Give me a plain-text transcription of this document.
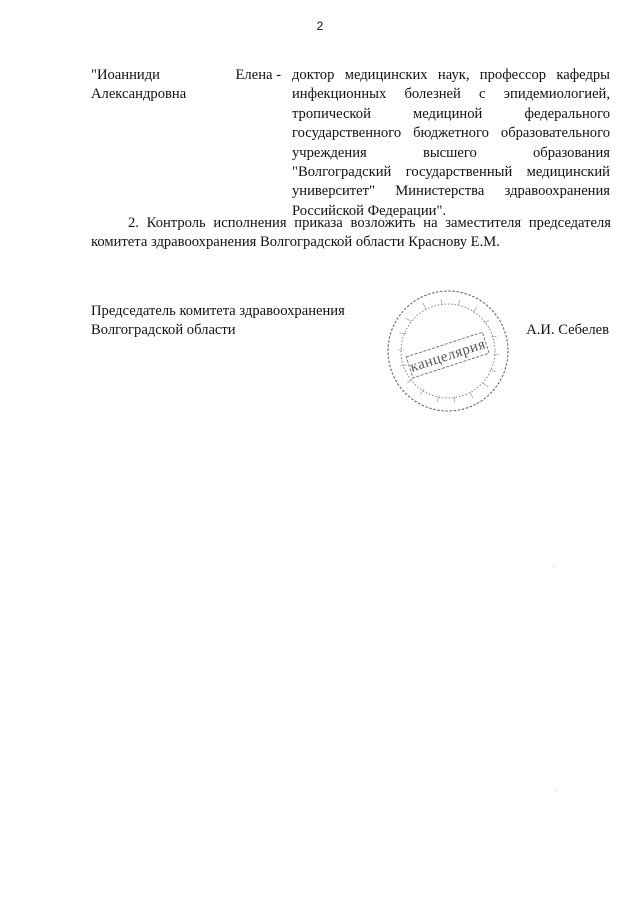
2
"Иоанниди	Елена -
Александровна
доктор медицинских наук, профессор кафедры
инфекционных болезней с эпидемиологией,
тропической медициной федерального
государственного бюджетного образовательного
учреждения высшего образования
"Волгоградский государственный медицинский
университет" Министерства здравоохранения
Российской Федерации".
2. Контроль исполнения приказа возложить на заместителя председателя
комитета здравоохранения Волгоградской области Краснову Е.М.
Председатель комитета здравоохранения
Волгоградской области	А.И. Себелев
канцелярия
